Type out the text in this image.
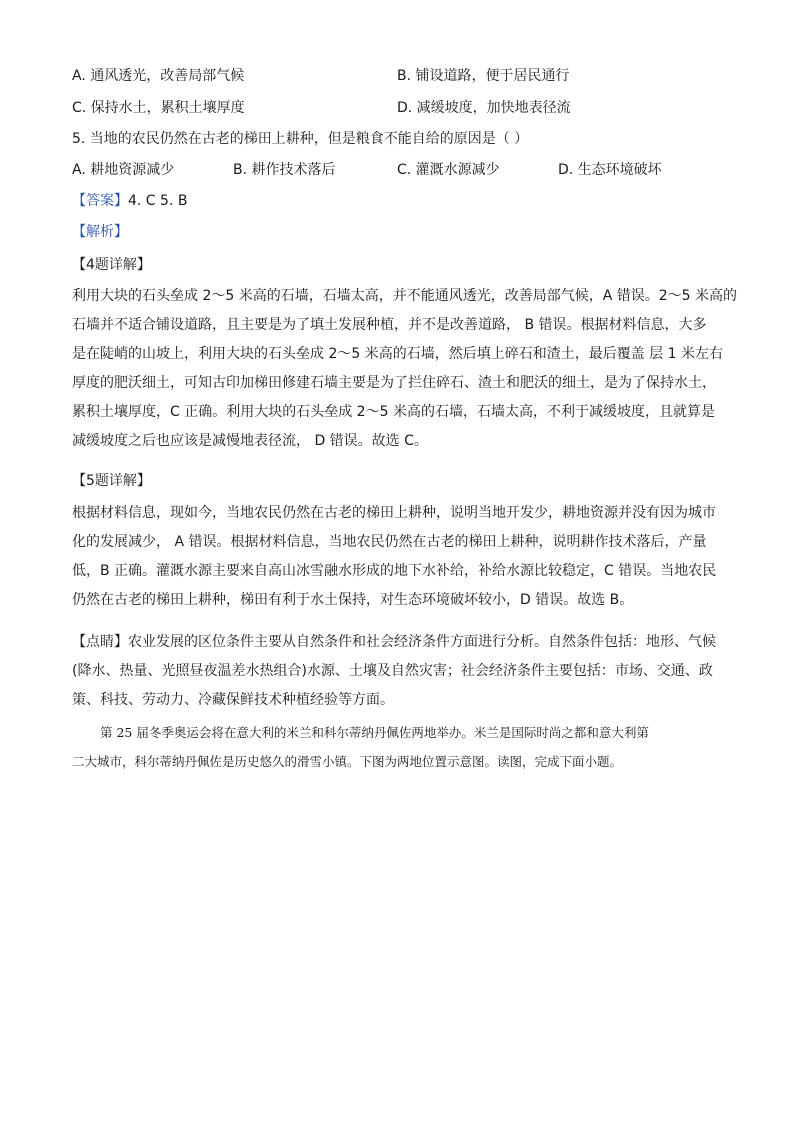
A. 通风透光，改善局部气候	B. 铺设道路，便于居民通行
C. 保持水土，累积土壤厚度	D. 减缓坡度，加快地表径流
5. 当地的农民仍然在古老的梯田上耕种，但是粮食不能自给的原因是（ ）
A. 耕地资源减少	B. 耕作技术落后	C. 灌溉水源减少	D. 生态环境破坏
【答案】4. C 5. B
【解析】
【4题详解】
利用大块的石头垒成 2～5 米高的石墙，石墙太高，并不能通风透光，改善局部气候，A 错误。2～5 米高的
石墙并不适合铺设道路，且主要是为了填土发展种植，并不是改善道路， B 错误。根据材料信息，大多
是在陡峭的山坡上，利用大块的石头垒成 2～5 米高的石墙，然后填上碎石和渣土，最后覆盖 层 1 米左右
厚度的肥沃细土，可知古印加梯田修建石墙主要是为了拦住碎石、渣土和肥沃的细土，是为了保持水土，
累积土壤厚度，C 正确。利用大块的石头垒成 2～5 米高的石墙，石墙太高，不利于减缓坡度，且就算是
减缓坡度之后也应该是减慢地表径流， D 错误。故选 C。
【5题详解】
根据材料信息，现如今，当地农民仍然在古老的梯田上耕种，说明当地开发少，耕地资源并没有因为城市
化的发展减少， A 错误。根据材料信息，当地农民仍然在古老的梯田上耕种，说明耕作技术落后，产量
低，B 正确。灌溉水源主要来自高山冰雪融水形成的地下水补给，补给水源比较稳定，C 错误。当地农民
仍然在古老的梯田上耕种，梯田有利于水土保持，对生态环境破坏较小，D 错误。故选 B。
【点睛】农业发展的区位条件主要从自然条件和社会经济条件方面进行分析。自然条件包括：地形、气候
(降水、热量、光照昼夜温差水热组合)水源、土壤及自然灾害；社会经济条件主要包括：市场、交通、政
策、科技、劳动力、冷藏保鲜技术种植经验等方面。
第 25 届冬季奥运会将在意大利的米兰和科尔蒂纳丹佩佐两地举办。米兰是国际时尚之都和意大利第
二大城市，科尔蒂纳丹佩佐是历史悠久的滑雪小镇。下图为两地位置示意图。读图，完成下面小题。
